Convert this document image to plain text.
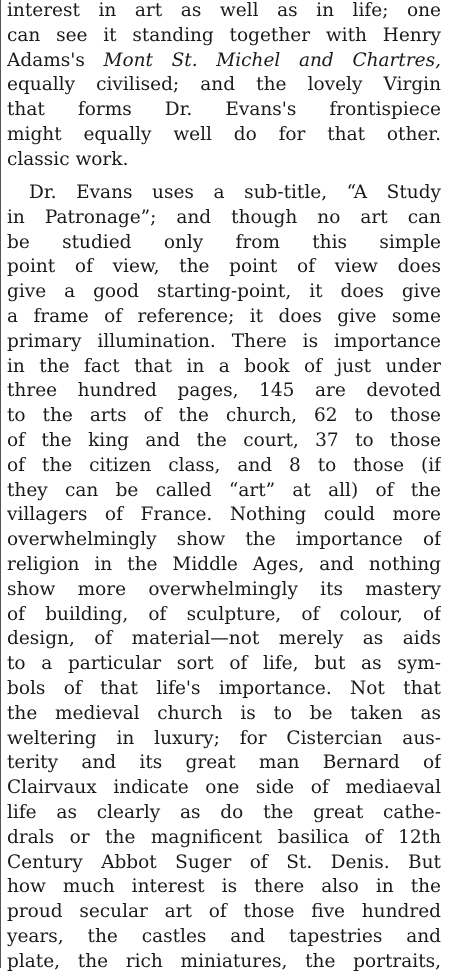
interest in art as well as in life; one
can see it standing together with Henry
Adams's Mont St. Michel and Chartres,
equally civilised; and the lovely Virgin
that forms Dr. Evans's frontispiece
might equally well do for that other.
classic work.
Dr. Evans uses a sub-title, “A Study
in Patronage”; and though no art can
be studied only from this simple
point of view, the point of view does
give a good starting-point, it does give
a frame of reference; it does give some
primary illumination. There is importance
in the fact that in a book of just under
three hundred pages, 145 are devoted
to the arts of the church, 62 to those
of the king and the court, 37 to those
of the citizen class, and 8 to those (if
they can be called “art” at all) of the
villagers of France. Nothing could more
overwhelmingly show the importance of
religion in the Middle Ages, and nothing
show more overwhelmingly its mastery
of building, of sculpture, of colour, of
design, of material—not merely as aids
to a particular sort of life, but as sym-
bols of that life's importance. Not that
the medieval church is to be taken as
weltering in luxury; for Cistercian aus-
terity and its great man Bernard of
Clairvaux indicate one side of mediaeval
life as clearly as do the great cathe-
drals or the magnificent basilica of 12th
Century Abbot Suger of St. Denis. But
how much interest is there also in the
proud secular art of those five hundred
years, the castles and tapestries and
plate, the rich miniatures, the portraits,
